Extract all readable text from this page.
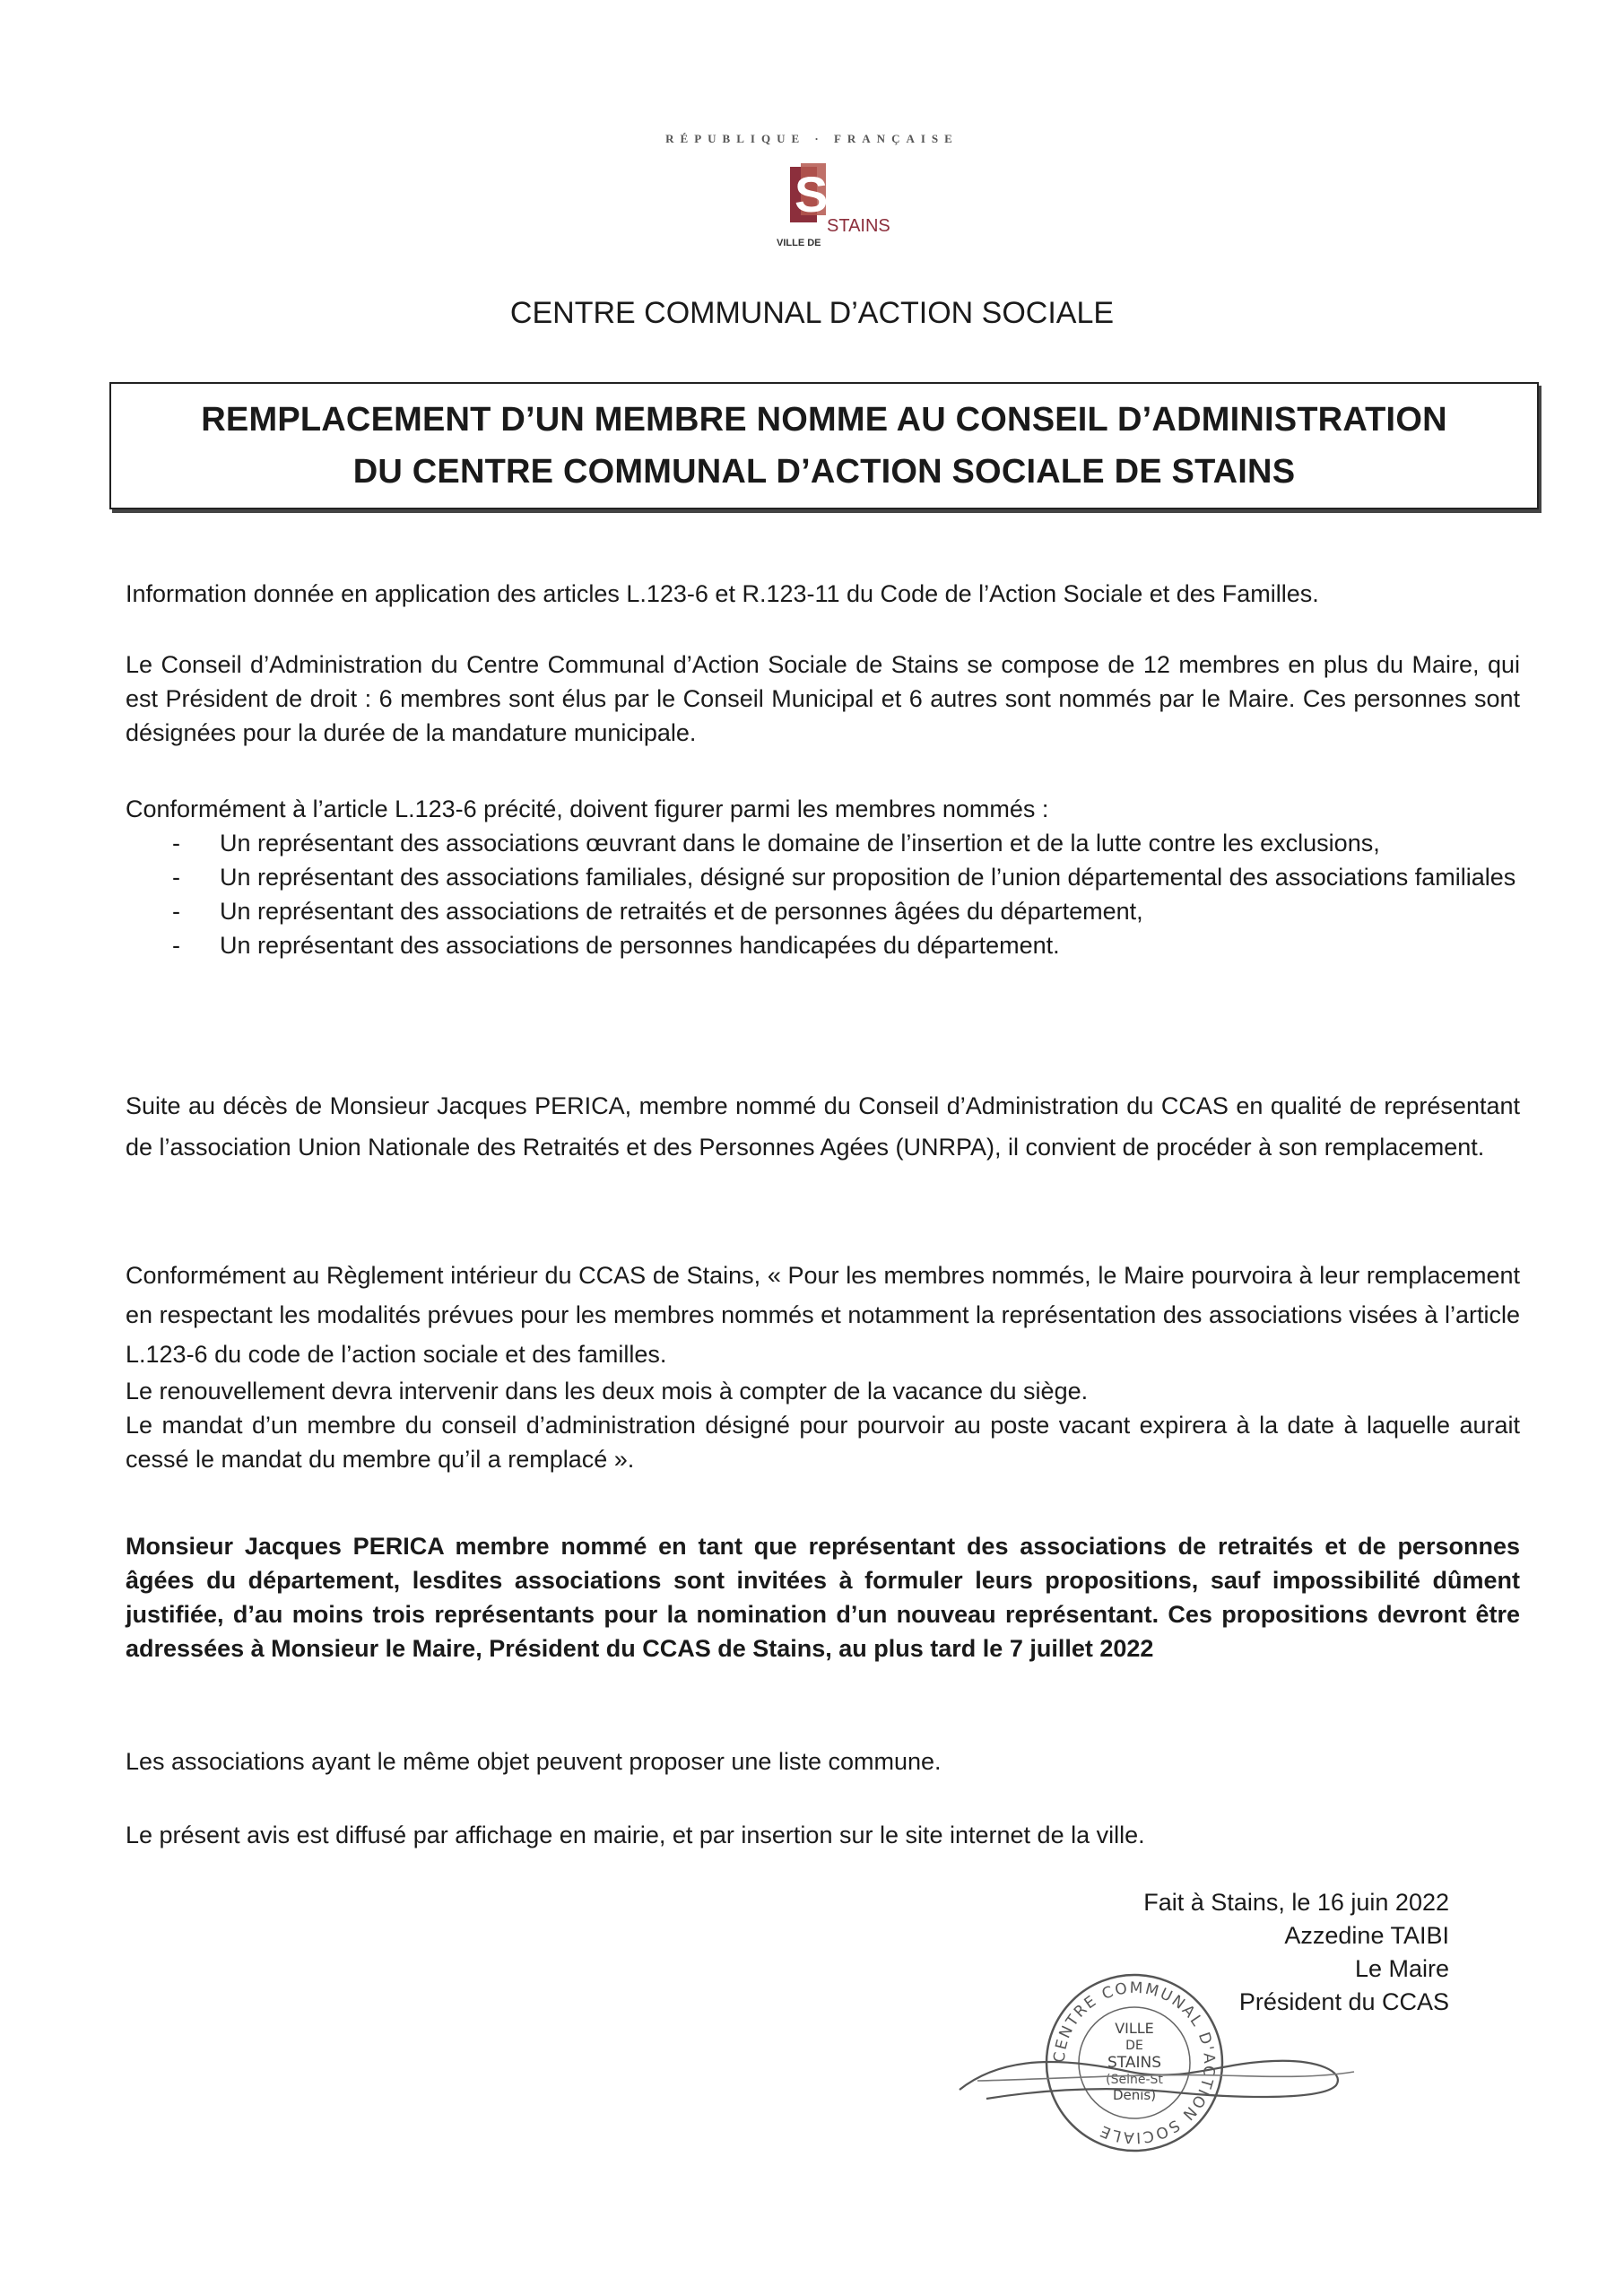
RÉPUBLIQUE · FRANÇAISE
S
STAINS
VILLE DE
CENTRE COMMUNAL D’ACTION SOCIALE
REMPLACEMENT D’UN MEMBRE NOMME AU CONSEIL D’ADMINISTRATION
DU CENTRE COMMUNAL D’ACTION SOCIALE DE STAINS

Information donnée en application des articles L.123-6 et R.123-11 du Code de l’Action Sociale et des Familles.

Le Conseil d’Administration du Centre Communal d’Action Sociale de Stains se compose de 12 membres en plus du Maire, qui est Président de droit : 6 membres sont élus par le Conseil Municipal et 6 autres sont nommés par le Maire. Ces personnes sont désignées pour la durée de la mandature municipale.

Conformément à l’article L.123-6 précité, doivent figurer parmi les membres nommés :

- Un représentant des associations œuvrant dans le domaine de l’insertion et de la lutte contre les exclusions,
- Un représentant des associations familiales, désigné sur proposition de l’union départemental des associations familiales
- Un représentant des associations de retraités et de personnes âgées du département,
- Un représentant des associations de personnes handicapées du département.

Suite au décès de Monsieur Jacques PERICA, membre nommé du Conseil d’Administration du CCAS en qualité de représentant de l’association Union Nationale des Retraités et des Personnes Agées (UNRPA), il convient de procéder à son remplacement.

Conformément au Règlement intérieur du CCAS de Stains, « Pour les membres nommés, le Maire pourvoira à leur remplacement en respectant les modalités prévues pour les membres nommés et notamment la représentation des associations visées à l’article L.123-6 du code de l’action sociale et des familles.

Le renouvellement devra intervenir dans les deux mois à compter de la vacance du siège.

Le mandat d’un membre du conseil d’administration désigné pour pourvoir au poste vacant expirera à la date à laquelle aurait cessé le mandat du membre qu’il a remplacé ».

Monsieur Jacques PERICA membre nommé en tant que représentant des associations de retraités et de personnes âgées du département, lesdites associations sont invitées à formuler leurs propositions, sauf impossibilité dûment justifiée, d’au moins trois représentants pour la nomination d’un nouveau représentant. Ces propositions devront être adressées à Monsieur le Maire, Président du CCAS de Stains, au plus tard le 7 juillet 2022

Les associations ayant le même objet peuvent proposer une liste commune.

Le présent avis est diffusé par affichage en mairie, et par insertion sur le site internet de la ville.

Fait à Stains, le 16 juin 2022
Azzedine TAIBI
Le Maire
Président du CCAS
CENTRE COMMUNAL D'ACTION SOCIALE
VILLE
DE
STAINS
(Seine-St
Denis)
